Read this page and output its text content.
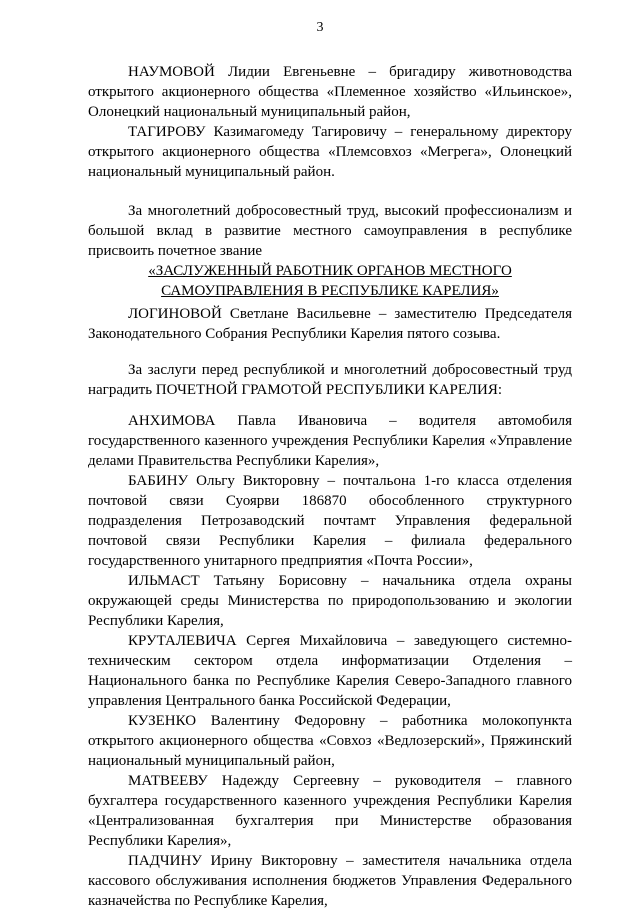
3

НАУМОВОЙ Лидии Евгеньевне – бригадиру животноводства открытого акционерного общества «Племенное хозяйство «Ильинское», Олонецкий национальный муниципальный район,

ТАГИРОВУ Казимагомеду Тагировичу – генеральному директору открытого акционерного общества «Племсовхоз «Мегрега», Олонецкий национальный муниципальный район.

За многолетний добросовестный труд, высокий профессионализм и большой вклад в развитие местного самоуправления в республике присвоить почетное звание

«ЗАСЛУЖЕННЫЙ РАБОТНИК ОРГАНОВ МЕСТНОГО

САМОУПРАВЛЕНИЯ В РЕСПУБЛИКЕ КАРЕЛИЯ»

ЛОГИНОВОЙ Светлане Васильевне – заместителю Председателя Законодательного Собрания Республики Карелия пятого созыва.

За заслуги перед республикой и многолетний добросовестный труд наградить ПОЧЕТНОЙ ГРАМОТОЙ РЕСПУБЛИКИ КАРЕЛИЯ:

АНХИМОВА Павла Ивановича – водителя автомобиля государственного казенного учреждения Республики Карелия «Управление делами Правительства Республики Карелия»,

БАБИНУ Ольгу Викторовну – почтальона 1-го класса отделения почтовой связи Суоярви 186870 обособленного структурного подразделения Петрозаводский почтамт Управления федеральной почтовой связи Республики Карелия – филиала федерального государственного унитарного предприятия «Почта России»,

ИЛЬМАСТ Татьяну Борисовну – начальника отдела охраны окружающей среды Министерства по природопользованию и экологии Республики Карелия,

КРУТАЛЕВИЧА Сергея Михайловича – заведующего системно-техническим сектором отдела информатизации Отделения – Национального банка по Республике Карелия Северо-Западного главного управления Центрального банка Российской Федерации,

КУЗЕНКО Валентину Федоровну – работника молокопункта открытого акционерного общества «Совхоз «Ведлозерский», Пряжинский национальный муниципальный район,

МАТВЕЕВУ Надежду Сергеевну – руководителя – главного бухгалтера государственного казенного учреждения Республики Карелия «Централизованная бухгалтерия при Министерстве образования Республики Карелия»,

ПАДЧИНУ Ирину Викторовну – заместителя начальника отдела кассового обслуживания исполнения бюджетов Управления Федерального казначейства по Республике Карелия,
